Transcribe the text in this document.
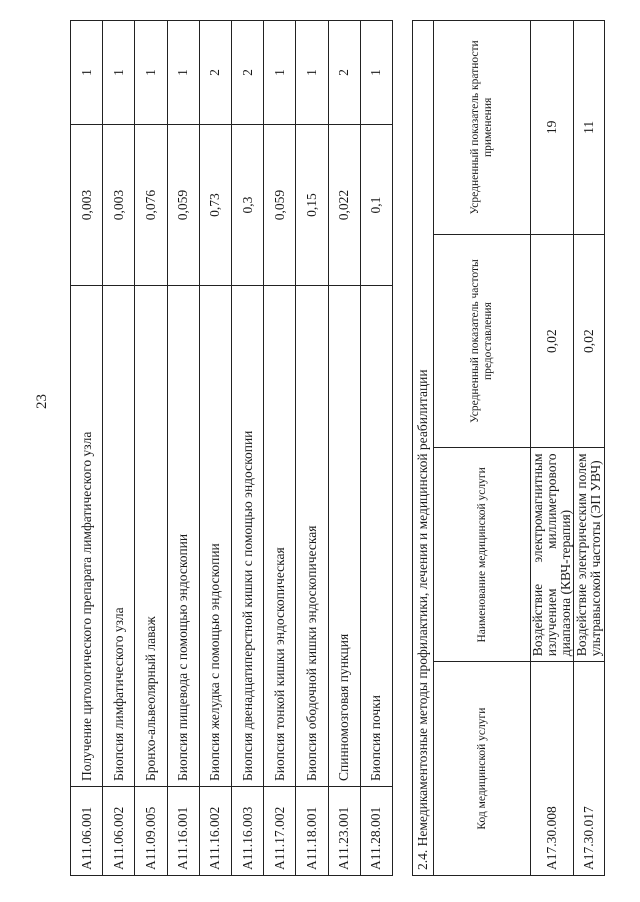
23
A11.06.001	Получение цитологического препарата лимфатического узла	0,003	1
A11.06.002	Биопсия лимфатического узла	0,003	1
A11.09.005	Бронхо-альвеолярный лаваж	0,076	1
A11.16.001	Биопсия пищевода с помощью эндоскопии	0,059	1
A11.16.002	Биопсия желудка с помощью эндоскопии	0,73	2
A11.16.003	Биопсия двенадцатиперстной кишки с помощью эндоскопии	0,3	2
A11.17.002	Биопсия тонкой кишки эндоскопическая	0,059	1
A11.18.001	Биопсия ободочной кишки эндоскопическая	0,15	1
A11.23.001	Спинномозговая пункция	0,022	2
A11.28.001	Биопсия почки	0,1	1
2.4. Немедикаментозные методы профилактики, лечения и медицинской реабилитации			
Код медицинской услуги	Наименование медицинской услуги	Усредненный показатель частоты предоставления	Усредненный показатель кратности применения
A17.30.008	Воздействие электромагнитным излучением миллиметрового диапазона (КВЧ-терапия)	0,02	19
A17.30.017	Воздействие электрическим полем ультравысокой частоты (ЭП УВЧ)	0,02	11
